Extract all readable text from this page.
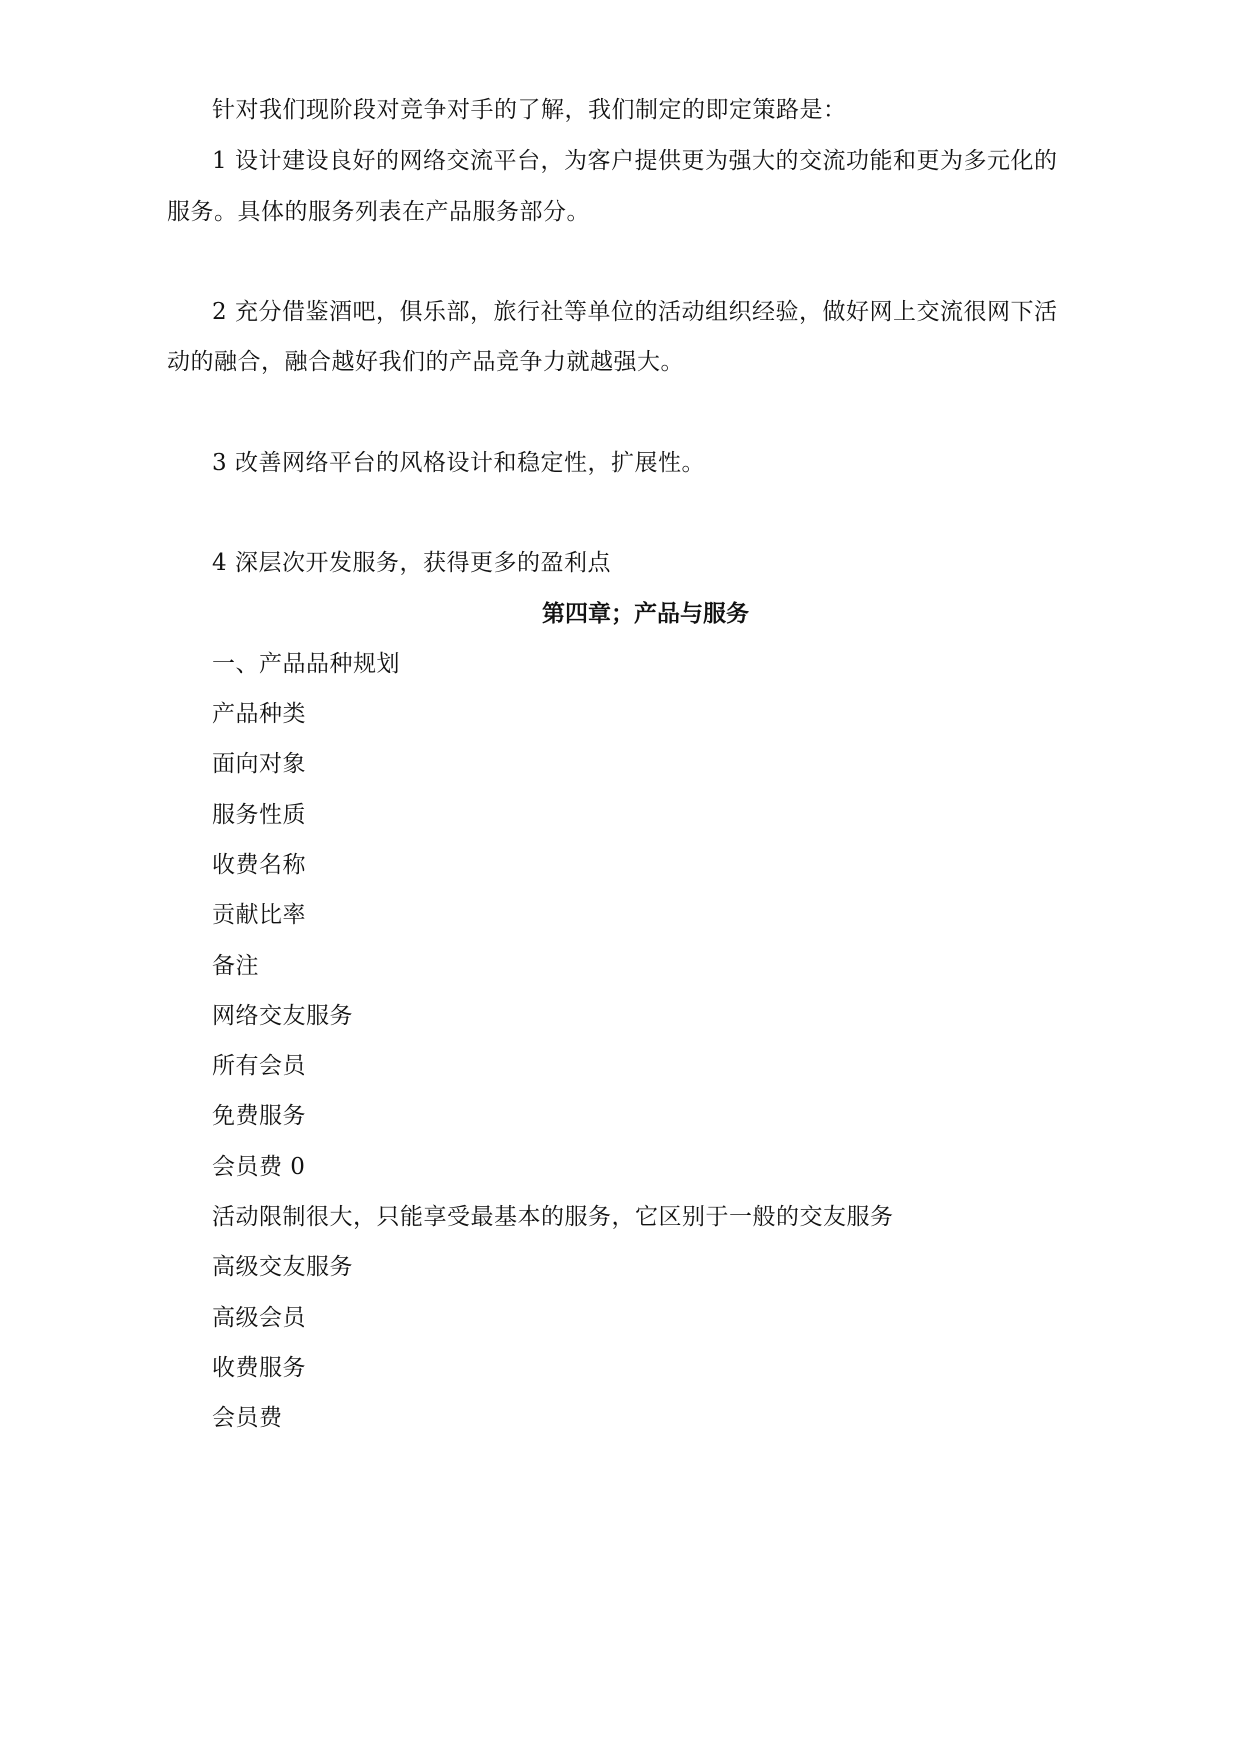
针对我们现阶段对竞争对手的了解，我们制定的即定策路是：
1 设计建设良好的网络交流平台，为客户提供更为强大的交流功能和更为多元化的
服务。具体的服务列表在产品服务部分。
2 充分借鉴酒吧，俱乐部，旅行社等单位的活动组织经验，做好网上交流很网下活
动的融合，融合越好我们的产品竞争力就越强大。
3 改善网络平台的风格设计和稳定性，扩展性。
4 深层次开发服务，获得更多的盈利点
第四章；产品与服务
一、产品品种规划
产品种类
面向对象
服务性质
收费名称
贡献比率
备注
网络交友服务
所有会员
免费服务
会员费 0
活动限制很大，只能享受最基本的服务，它区别于一般的交友服务
高级交友服务
高级会员
收费服务
会员费
